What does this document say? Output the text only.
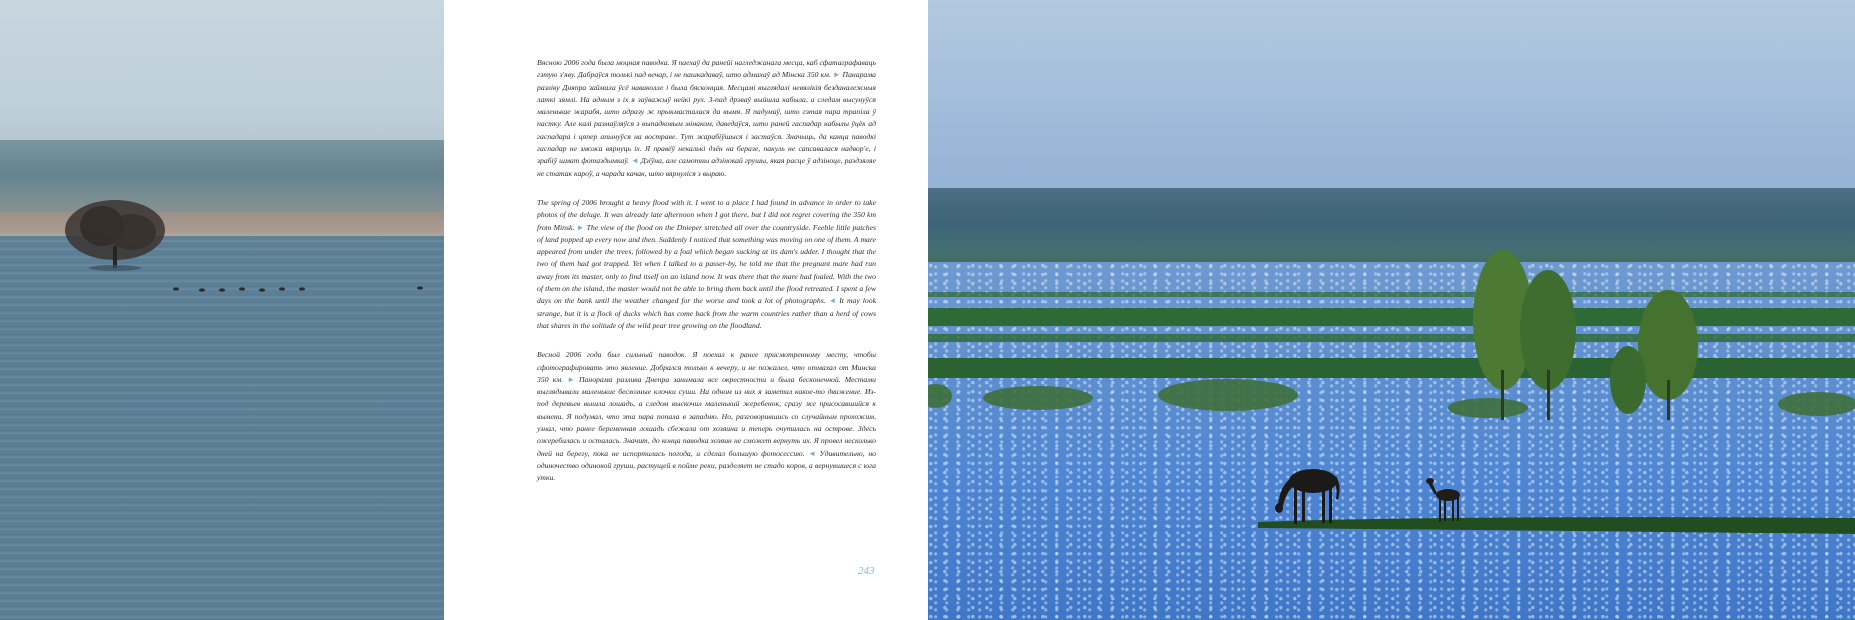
Вясною 2006 года была моцная паводка. Я паехаў да ранейі нагледжанага месца, каб сфатаграфаваць гэтую з'яву. Дабраўся толькі пад вечар, і не пашкадаваў, што адмахаў ад Мінска 350 км. ► Панарама разліву Дняпра займала ўсё наваколле і была бясконцая. Месцамі выглядалі невялікія безданалежныя латкі зямлі. На адным з іх я заўважыў нейкі рух. З-пад дрэваў выйшла кабыла, а следам высунуўся маленькае жарабя, што адразу ж прыкмасталася да вымя. Я падумаў, што гэтая пара трапіла ў пастку. Але калі размаўляўся з выпадковым мінаком, даведаўся, што раней гаспадар кабылы ўцёк ад гаспадара і цяпер апынуўся на востраве. Тут жарабіўшыся і застаўся. Значыць, да канца паводкі гаспадар не зможа вярнуць іх. Я правёў некалькі дзён на беразе, пакуль не сапсавалася надвор'е, і зрабіў шмат фотаздымкаў. ◄ Дзіўна, але самотны адзінокай грушы, якая расце ў адзіноце, раздзяляе не статак кароў, а чарада качак, што вярнуліся з выраю.

The spring of 2006 brought a heavy flood with it. I went to a place I had found in advance in order to take photos of the deluge. It was already late afternoon when I got there, but I did not regret covering the 350 km from Minsk. ► The view of the flood on the Dnieper stretched all over the countryside. Feeble little patches of land popped up every now and then. Suddenly I noticed that something was moving on one of them. A mare appeared from under the trees, followed by a foal which began sucking at its dam's udder. I thought that the two of them had got trapped. Yet when I talked to a passer-by, he told me that the pregnant mare had run away from its master, only to find itself on an island now. It was there that the mare had foaled. With the two of them on the island, the master would not be able to bring them back until the flood retreated. I spent a few days on the bank until the weather changed for the worse and took a lot of photographs. ◄ It may look strange, but it is a flock of ducks which has come back from the warm countries rather than a herd of cows that shares in the solitude of the wild pear tree growing on the floodland.

Весной 2006 года был сильный паводок. Я поехал к ранее присмотренному месту, чтобы сфотографировать это явление. Добрался только к вечеру, и не пожалел, что отмахал от Минска 350 км. ► Панорама разлива Днепра занимала все окрестности и была бесконечной. Местами выглядывали маленькие бесхозные клочки суши. На одном из них я заметил какое-то движение. Из-под деревьев вышла лошадь, а следом выскочил маленький жеребенок, сразу же присосавшийся к вымени. Я подумал, что эта пара попала в западню. Но, разговорившись со случайным прохожим, узнал, что ранее беременная лошадь сбежала от хозяина и теперь очутилась на острове. Здесь ожеребилась и осталась. Значит, до конца паводка хозяин не сможет вернуть их. Я провел несколько дней на берегу, пока не испортилась погода, и сделал большую фотосессию. ◄ Удивительно, но одиночество одинокой груши, растущей в пойме реки, разделяет не стадо коров, а вернувшиеся с юга утки.

243
